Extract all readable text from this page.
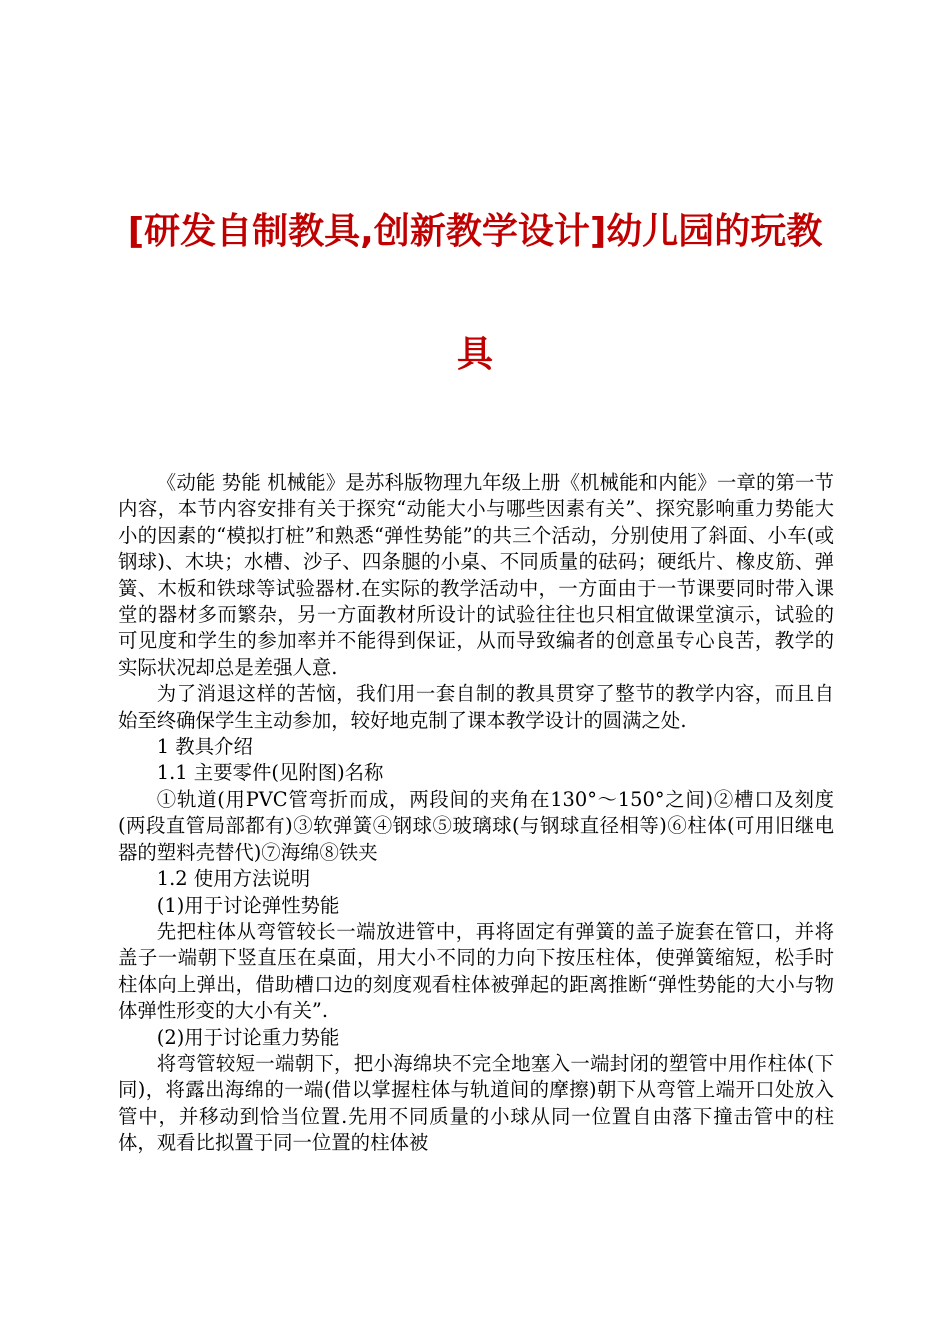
[研发自制教具,创新教学设计]幼儿园的玩教
具

《动能 势能 机械能》是苏科版物理九年级上册《机械能和内能》一章的第一节内容，本节内容安排有关于探究“动能大小与哪些因素有关”、探究影响重力势能大小的因素的“模拟打桩”和熟悉“弹性势能”的共三个活动，分别使用了斜面、小车(或钢球)、木块；水槽、沙子、四条腿的小桌、不同质量的砝码；硬纸片、橡皮筋、弹簧、木板和铁球等试验器材.在实际的教学活动中，一方面由于一节课要同时带入课堂的器材多而繁杂，另一方面教材所设计的试验往往也只相宜做课堂演示，试验的可见度和学生的参加率并不能得到保证，从而导致编者的创意虽专心良苦，教学的实际状况却总是差强人意.

为了消退这样的苦恼，我们用一套自制的教具贯穿了整节的教学内容，而且自始至终确保学生主动参加，较好地克制了课本教学设计的圆满之处.

1 教具介绍

1.1 主要零件(见附图)名称

①轨道(用PVC管弯折而成，两段间的夹角在130°～150°之间)②槽口及刻度(两段直管局部都有)③软弹簧④钢球⑤玻璃球(与钢球直径相等)⑥柱体(可用旧继电器的塑料壳替代)⑦海绵⑧铁夹

1.2 使用方法说明

(1)用于讨论弹性势能

先把柱体从弯管较长一端放进管中，再将固定有弹簧的盖子旋套在管口，并将盖子一端朝下竖直压在桌面，用大小不同的力向下按压柱体，使弹簧缩短，松手时柱体向上弹出，借助槽口边的刻度观看柱体被弹起的距离推断“弹性势能的大小与物体弹性形变的大小有关”.

(2)用于讨论重力势能

将弯管较短一端朝下，把小海绵块不完全地塞入一端封闭的塑管中用作柱体(下同)，将露出海绵的一端(借以掌握柱体与轨道间的摩擦)朝下从弯管上端开口处放入管中，并移动到恰当位置.先用不同质量的小球从同一位置自由落下撞击管中的柱体，观看比拟置于同一位置的柱体被
